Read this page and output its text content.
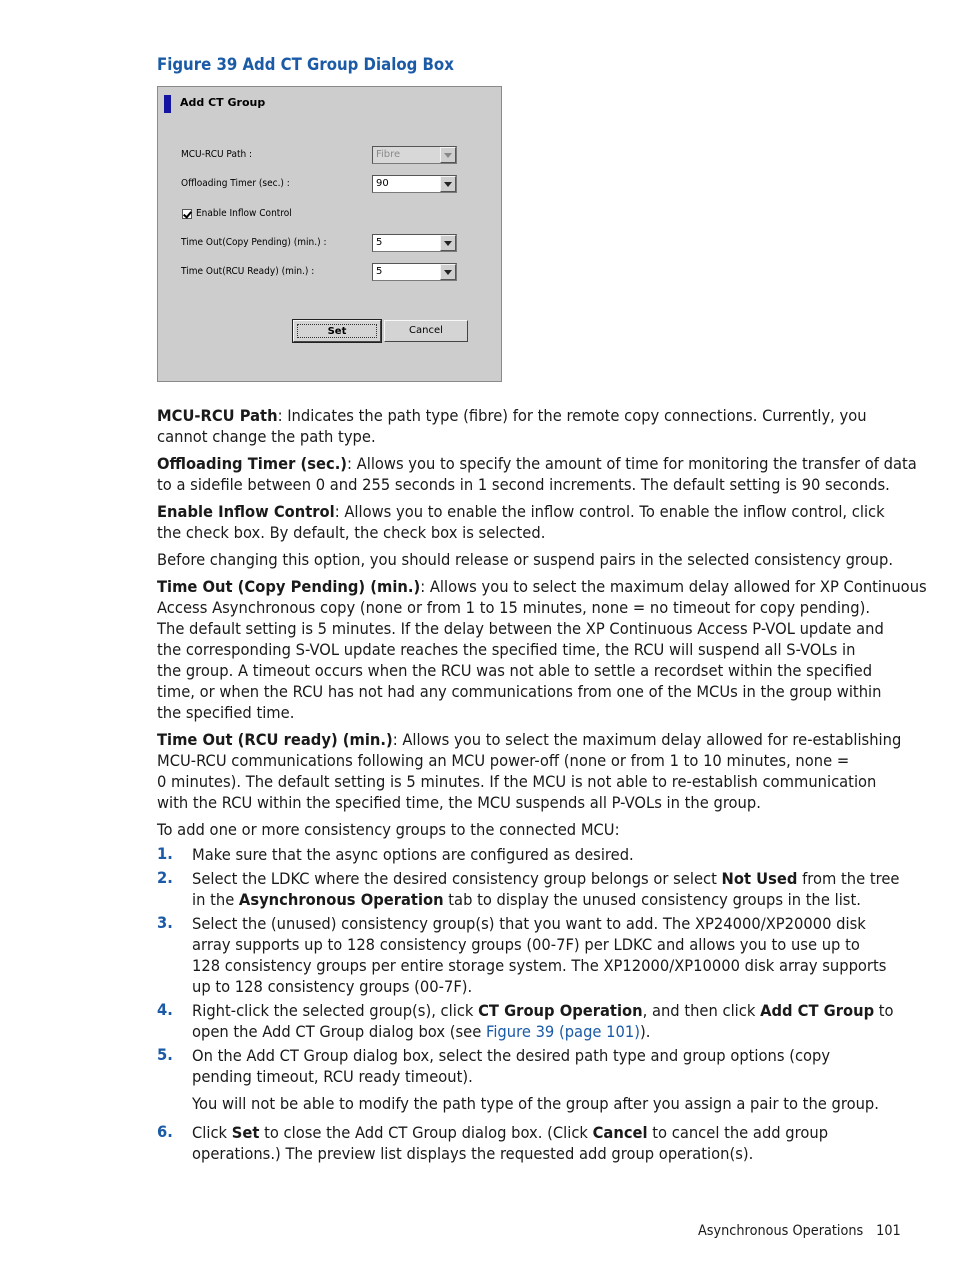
Figure 39 Add CT Group Dialog Box
Add CT Group
MCU-RCU Path :	Fibre
Offloading Timer (sec.) :	90
Enable Inflow Control
Time Out(Copy Pending) (min.) :	5
Time Out(RCU Ready) (min.) :	5
Set	Cancel
MCU-RCU Path: Indicates the path type (fibre) for the remote copy connections. Currently, you
cannot change the path type.
Offloading Timer (sec.): Allows you to specify the amount of time for monitoring the transfer of data
to a sidefile between 0 and 255 seconds in 1 second increments. The default setting is 90 seconds.
Enable Inflow Control: Allows you to enable the inflow control. To enable the inflow control, click
the check box. By default, the check box is selected.
Before changing this option, you should release or suspend pairs in the selected consistency group.
Time Out (Copy Pending) (min.): Allows you to select the maximum delay allowed for XP Continuous
Access Asynchronous copy (none or from 1 to 15 minutes, none = no timeout for copy pending).
The default setting is 5 minutes. If the delay between the XP Continuous Access P-VOL update and
the corresponding S-VOL update reaches the specified time, the RCU will suspend all S-VOLs in
the group. A timeout occurs when the RCU was not able to settle a recordset within the specified
time, or when the RCU has not had any communications from one of the MCUs in the group within
the specified time.
Time Out (RCU ready) (min.): Allows you to select the maximum delay allowed for re-establishing
MCU-RCU communications following an MCU power-off (none or from 1 to 10 minutes, none =
0 minutes). The default setting is 5 minutes. If the MCU is not able to re-establish communication
with the RCU within the specified time, the MCU suspends all P-VOLs in the group.
To add one or more consistency groups to the connected MCU:
1. Make sure that the async options are configured as desired.
2. Select the LDKC where the desired consistency group belongs or select Not Used from the tree
in the Asynchronous Operation tab to display the unused consistency groups in the list.
3. Select the (unused) consistency group(s) that you want to add. The XP24000/XP20000 disk
array supports up to 128 consistency groups (00-7F) per LDKC and allows you to use up to
128 consistency groups per entire storage system. The XP12000/XP10000 disk array supports
up to 128 consistency groups (00-7F).
4. Right-click the selected group(s), click CT Group Operation, and then click Add CT Group to
open the Add CT Group dialog box (see Figure 39 (page 101)).
5. On the Add CT Group dialog box, select the desired path type and group options (copy
pending timeout, RCU ready timeout).
You will not be able to modify the path type of the group after you assign a pair to the group.
6. Click Set to close the Add CT Group dialog box. (Click Cancel to cancel the add group
operations.) The preview list displays the requested add group operation(s).
Asynchronous Operations 101
